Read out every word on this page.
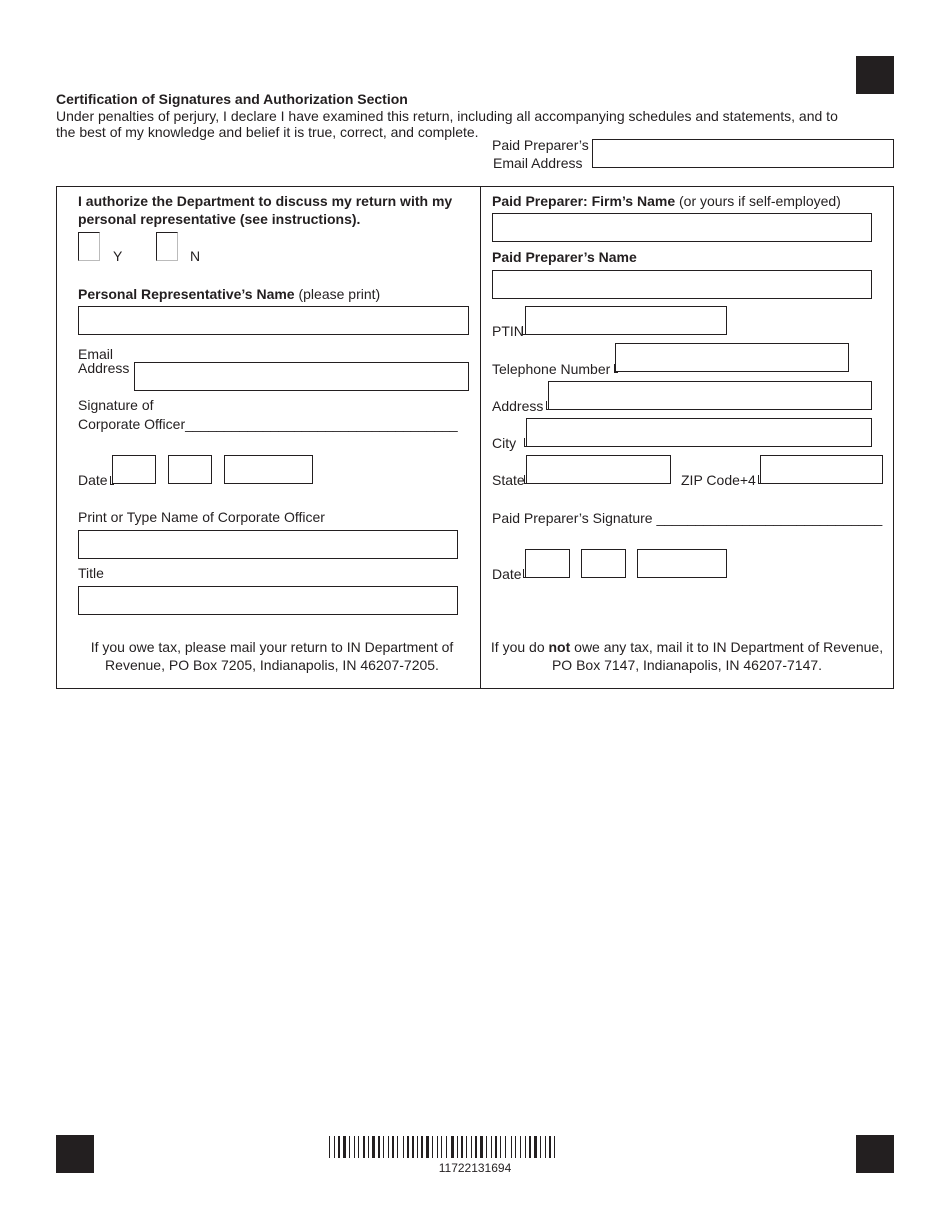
Certification of Signatures and Authorization Section
Under penalties of perjury, I declare I have examined this return, including all accompanying schedules and statements, and to
the best of my knowledge and belief it is true, correct, and complete.
Paid Preparer’s
Email Address
I authorize the Department to discuss my return with my
personal representative (see instructions).
Y	N
Personal Representative’s Name (please print)
Email
Address
Signature of
Corporate Officer___________________________________
Date
Print or Type Name of Corporate Officer
Title
If you owe tax, please mail your return to IN Department of
Revenue, PO Box 7205, Indianapolis, IN 46207-7205.
Paid Preparer: Firm’s Name (or yours if self-employed)
Paid Preparer’s Name
PTIN
Telephone Number
Address
City
State	ZIP Code+4
Paid Preparer’s Signature _____________________________
Date
If you do not owe any tax, mail it to IN Department of Revenue,
PO Box 7147, Indianapolis, IN 46207-7147.
11722131694
